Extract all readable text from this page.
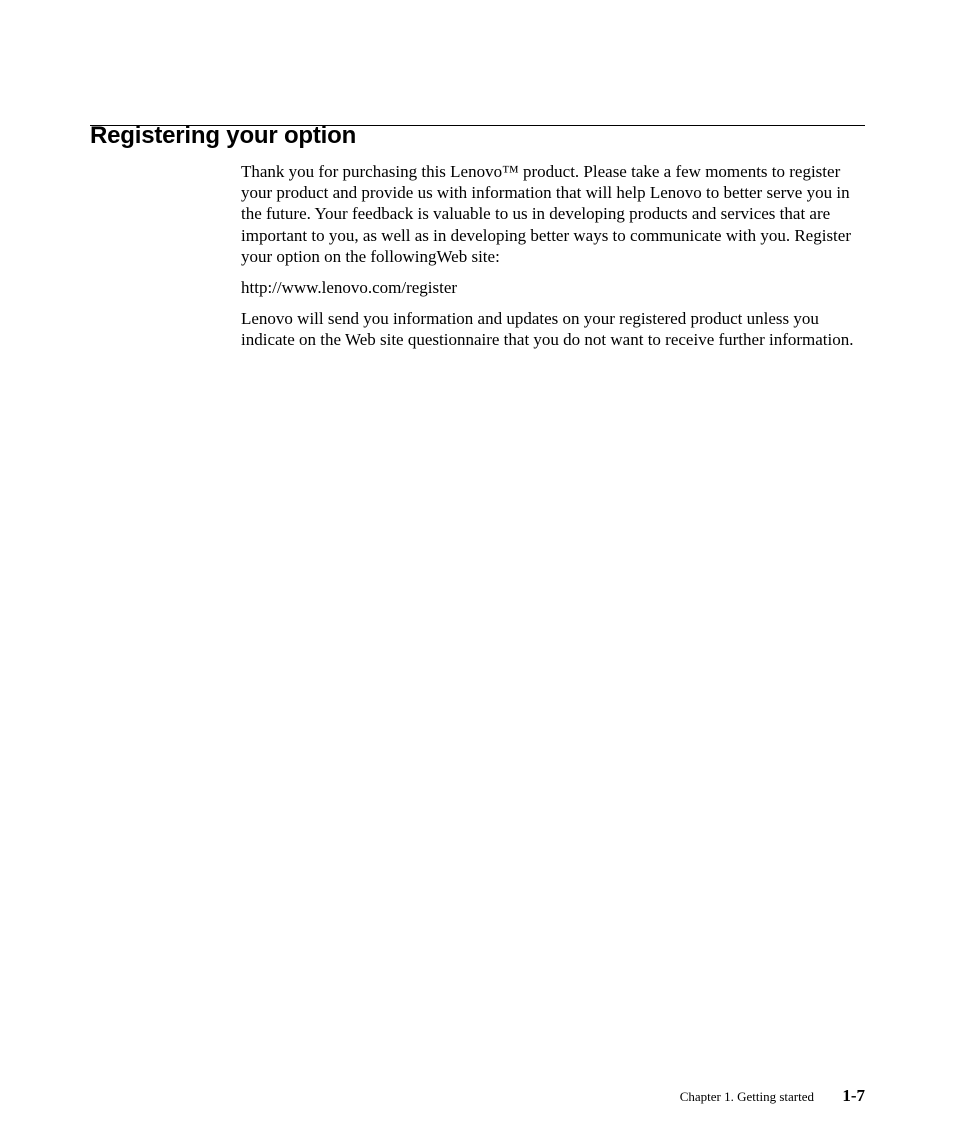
Registering your option

Thank you for purchasing this Lenovo™ product. Please take a few moments to register your product and provide us with information that will help Lenovo to better serve you in the future. Your feedback is valuable to us in developing products and services that are important to you, as well as in developing better ways to communicate with you. Register your option on the followingWeb site:

http://www.lenovo.com/register

Lenovo will send you information and updates on your registered product unless you indicate on the Web site questionnaire that you do not want to receive further information.

Chapter 1. Getting started 1-7
